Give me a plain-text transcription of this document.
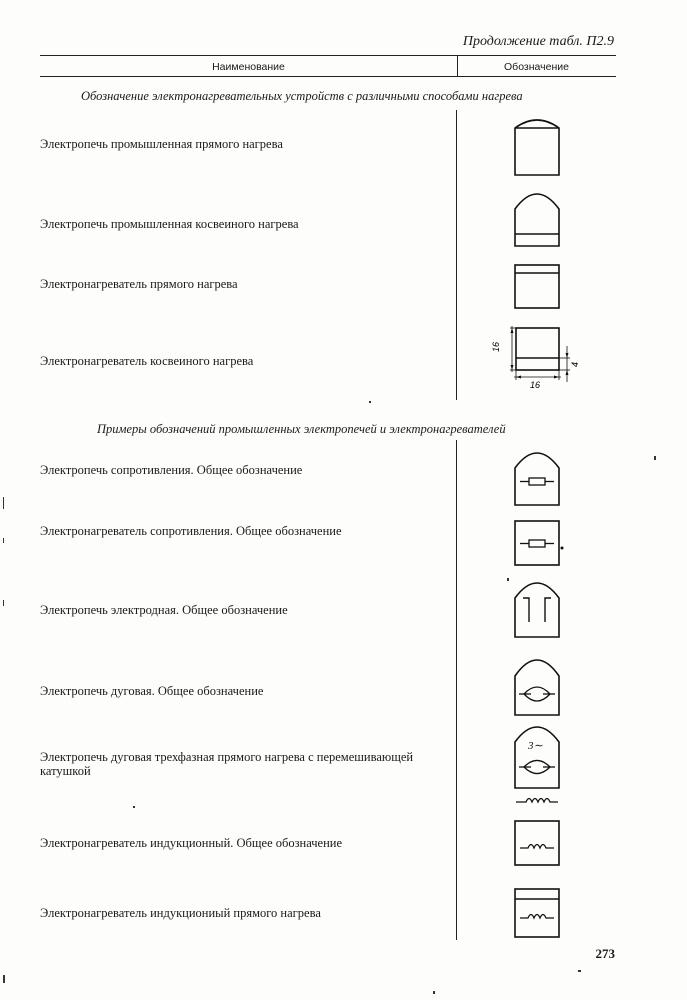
Продолжение табл. П2.9
Наименование	Обозначение
Обозначение электронагревательных устройств с различными способами нагрева
Электропечь промышленная прямого нагрева
Электропечь промышленная косвеиного нагрева
Электронагреватель прямого нагрева
Электронагреватель косвеиного нагрева
16
16
4
Примеры обозначений промышленных электропечей и электронагревателей
Электропечь сопротивления. Общее обозначение
Электронагреватель сопротивления. Общее обозначение
Электропечь электродная. Общее обозначение
Электропечь дуговая. Общее обозначение
Электропечь дуговая трехфазная прямого нагрева с перемешивающей катушкой
Электронагреватель индукционный. Общее обозначение
Электронагреватель индукциониый прямого нагрева
3∼
273
